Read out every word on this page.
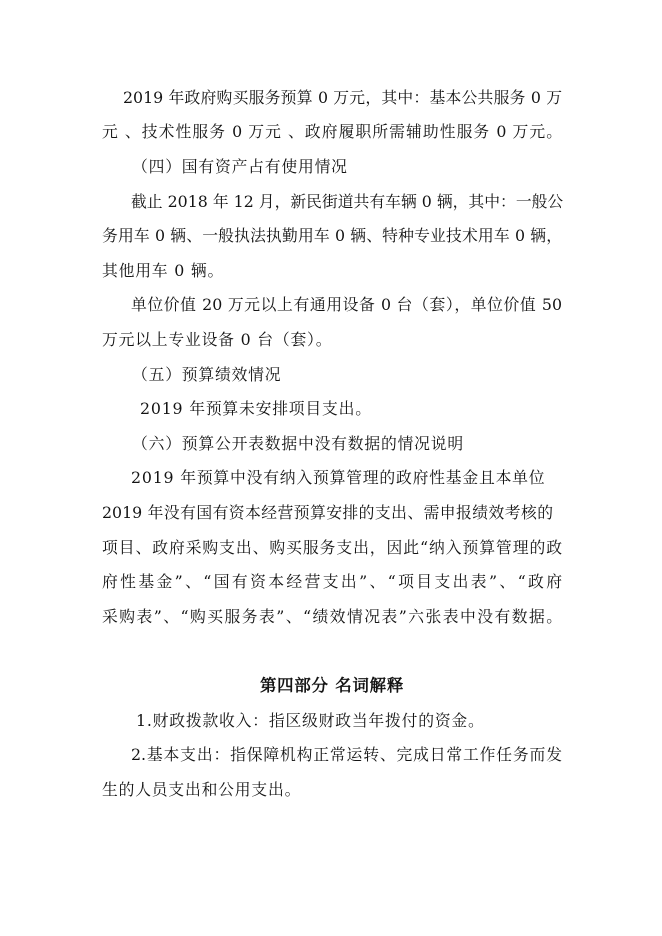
2019 年政府购买服务预算 0 万元，其中：基本公共服务 0 万
元 、技术性服务 0 万元 、政府履职所需辅助性服务 0 万元。
（四）国有资产占有使用情况
截止 2018 年 12 月，新民街道共有车辆 0 辆，其中：一般公
务用车 0 辆、一般执法执勤用车 0 辆、特种专业技术用车 0 辆，
其他用车 0 辆。
单位价值 20 万元以上有通用设备 0 台（套），单位价值 50
万元以上专业设备 0 台（套）。
（五）预算绩效情况
2019 年预算未安排项目支出。
（六）预算公开表数据中没有数据的情况说明
2019 年预算中没有纳入预算管理的政府性基金且本单位
2019 年没有国有资本经营预算安排的支出、需申报绩效考核的
项目、政府采购支出、购买服务支出，因此“纳入预算管理的政
府性基金”、“国有资本经营支出”、“项目支出表”、“政府
采购表”、“购买服务表”、“绩效情况表”六张表中没有数据。
第四部分 名词解释
1.财政拨款收入：指区级财政当年拨付的资金。
2.基本支出：指保障机构正常运转、完成日常工作任务而发
生的人员支出和公用支出。
